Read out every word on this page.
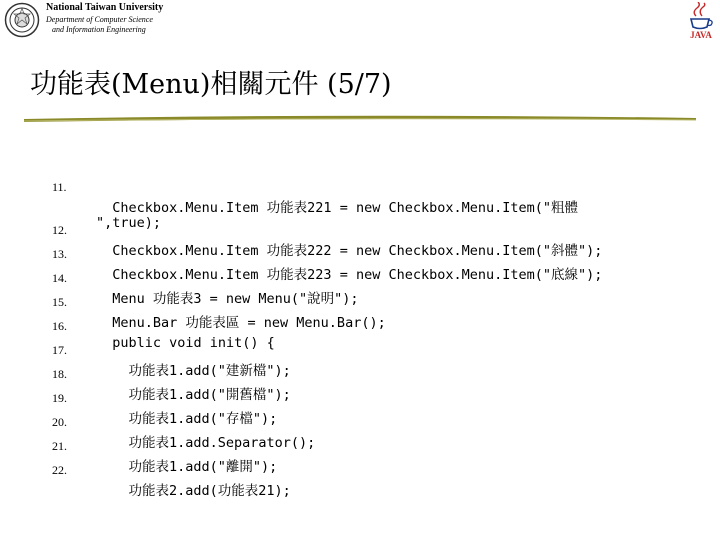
National Taiwan University
Department of Computer Science
and Information Engineering
JAVA
功能表(Menu)相關元件 (5/7)

11.

Checkbox.Menu.Item 功能表221 = new Checkbox.Menu.Item("粗體

",true);

12.

Checkbox.Menu.Item 功能表222 = new Checkbox.Menu.Item("斜體");

13.

Checkbox.Menu.Item 功能表223 = new Checkbox.Menu.Item("底線");

14.

Menu 功能表3 = new Menu("說明");

15.

Menu.Bar 功能表區 = new Menu.Bar();

16.

public void init() {

17.

功能表1.add("建新檔");

18.

功能表1.add("開舊檔");

19.

功能表1.add("存檔");

20.

功能表1.add.Separator();

21.

功能表1.add("離開");

22.

功能表2.add(功能表21);
